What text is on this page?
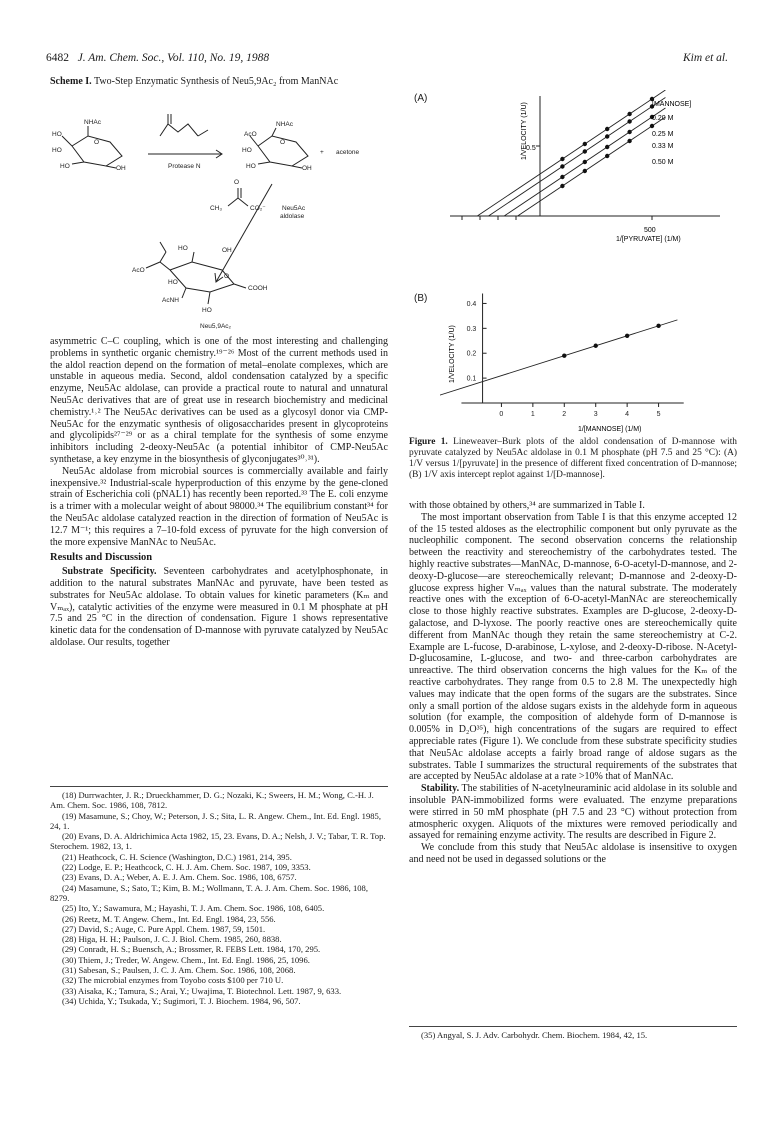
6482 J. Am. Chem. Soc., Vol. 110, No. 19, 1988	Kim et al.
Scheme I. Two-Step Enzymatic Synthesis of Neu5,9Ac₂ from ManNAc
HO
NHAc
O
HO
HO	OH	Protease N
AcO
NHAc
O
HO
HO	OH
+ acetone
O
CH₃	CO₂⁻	Neu5Ac
aldolase
HO	OH
AcO
HO
O
COOH
AcNH
HO
Neu5,9Ac₂

asymmetric C–C coupling, which is one of the most interesting and challenging problems in synthetic organic chemistry.¹⁹⁻²⁶ Most of the current methods used in the aldol reaction depend on the formation of metal–enolate complexes, which are unstable in aqueous media. Second, aldol condensation catalyzed by a specific enzyme, Neu5Ac aldolase, can provide a practical route to natural and unnatural Neu5Ac derivatives that are of great use in research biochemistry and medicinal chemistry.¹˒² The Neu5Ac derivatives can be used as a glycosyl donor via CMP-Neu5Ac for the enzymatic synthesis of oligosaccharides present in glycoproteins and glycolipids²⁷⁻²⁹ or as a chiral template for the synthesis of some enzyme inhibitors including 2-deoxy-Neu5Ac (a potential inhibitor of CMP-Neu5Ac synthetase, a key enzyme in the biosynthesis of glyconjugates³⁰˒³¹).

Neu5Ac aldolase from microbial sources is commercially available and fairly inexpensive.³² Industrial-scale hyperproduction of this enzyme by the gene-cloned strain of Escherichia coli (pNAL1) has recently been reported.³³ The E. coli enzyme is a trimer with a molecular weight of about 98000.³⁴ The equilibrium constant³⁴ for the Neu5Ac aldolase catalyzed reaction in the direction of formation of Neu5Ac is 12.7 M⁻¹; this requires a 7–10-fold excess of pyruvate for the high conversion of the more expensive ManNAc to Neu5Ac.

Results and Discussion

Substrate Specificity. Seventeen carbohydrates and acetylphosphonate, in addition to the natural substrates ManNAc and pyruvate, have been tested as substrates for Neu5Ac aldolase. To obtain values for kinetic parameters (Kₘ and Vₘₐₓ), catalytic activities of the enzyme were measured in 0.1 M phosphate at pH 7.5 and 25 °C in the direction of condensation. Figure 1 shows representative kinetic data for the condensation of D-mannose with pyruvate catalyzed by Neu5Ac aldolase. Our results, together

(18) Durrwachter, J. R.; Drueckhammer, D. G.; Nozaki, K.; Sweers, H. M.; Wong, C.-H. J. Am. Chem. Soc. 1986, 108, 7812.
(19) Masamune, S.; Choy, W.; Peterson, J. S.; Sita, L. R. Angew. Chem., Int. Ed. Engl. 1985, 24, 1.
(20) Evans, D. A. Aldrichimica Acta 1982, 15, 23. Evans, D. A.; Nelsh, J. V.; Tabar, T. R. Top. Sterochem. 1982, 13, 1.
(21) Heathcock, C. H. Science (Washington, D.C.) 1981, 214, 395.
(22) Lodge, E. P.; Heathcock, C. H. J. Am. Chem. Soc. 1987, 109, 3353.
(23) Evans, D. A.; Weber, A. E. J. Am. Chem. Soc. 1986, 108, 6757.
(24) Masamune, S.; Sato, T.; Kim, B. M.; Wollmann, T. A. J. Am. Chem. Soc. 1986, 108, 8279.
(25) Ito, Y.; Sawamura, M.; Hayashi, T. J. Am. Chem. Soc. 1986, 108, 6405.
(26) Reetz, M. T. Angew. Chem., Int. Ed. Engl. 1984, 23, 556.
(27) David, S.; Auge, C. Pure Appl. Chem. 1987, 59, 1501.
(28) Higa, H. H.; Paulson, J. C. J. Biol. Chem. 1985, 260, 8838.
(29) Conradt, H. S.; Buensch, A.; Brossmer, R. FEBS Lett. 1984, 170, 295.
(30) Thiem, J.; Treder, W. Angew. Chem., Int. Ed. Engl. 1986, 25, 1096.
(31) Sabesan, S.; Paulsen, J. C. J. Am. Chem. Soc. 1986, 108, 2068.
(32) The microbial enzymes from Toyobo costs $100 per 710 U.
(33) Aisaka, K.; Tamura, S.; Arai, Y.; Uwajima, T. Biotechnol. Lett. 1987, 9, 633.
(34) Uchida, Y.; Tsukada, Y.; Sugimori, T. J. Biochem. 1984, 96, 507.
(A)
0.5
500
1/[PYRUVATE] (1/M)
1/VELOCITY (1/U)	[MANNOSE]
0.20 M
0.25 M
0.33 M
0.50 M
(B)
0.4
0.3
0.2
0.1
0	1	2	3	4	5
1/[MANNOSE] (1/M)
1/VELOCITY (1/U)
Figure 1. Lineweaver–Burk plots of the aldol condensation of D-mannose with pyruvate catalyzed by Neu5Ac aldolase in 0.1 M phosphate (pH 7.5 and 25 °C): (A) 1/V versus 1/[pyruvate] in the presence of different fixed concentration of D-mannose; (B) 1/V axis intercept replot against 1/[D-mannose].

with those obtained by others,³⁴ are summarized in Table I.

The most important observation from Table I is that this enzyme accepted 12 of the 15 tested aldoses as the electrophilic component but only pyruvate as the nucleophilic component. The second observation concerns the relationship between the reactivity and stereochemistry of the carbohydrates tested. The highly reactive substrates—ManNAc, D-mannose, 6-O-acetyl-D-mannose, and 2-deoxy-D-glucose—are stereochemically relevant; D-mannose and 2-deoxy-D-glucose express higher Vₘₐₓ values than the natural substrate. The moderately reactive ones with the exception of 6-O-acetyl-ManNAc are stereochemically close to those highly reactive substrates. Examples are D-glucose, 2-deoxy-D-galactose, and D-lyxose. The poorly reactive ones are stereochemically quite different from ManNAc though they retain the same stereochemistry at C-2. Example are L-fucose, D-arabinose, L-xylose, and 2-deoxy-D-ribose. N-Acetyl-D-glucosamine, L-glucose, and two- and three-carbon carbohydrates are unreactive. The third observation concerns the high values for the Kₘ of the reactive carbohydrates. They range from 0.5 to 2.8 M. The unexpectedly high values may indicate that the open forms of the sugars are the substrates. Since only a small portion of the aldose sugars exists in the aldehyde form in aqueous solution (for example, the composition of aldehyde form of D-mannose is 0.005% in D₂O³⁵), high concentrations of the sugars are required to effect appreciable rates (Figure 1). We conclude from these substrate specificity studies that Neu5Ac aldolase accepts a fairly broad range of aldose sugars as the substrates. Table I summarizes the structural requirements of the substrates that are accepted by Neu5Ac aldolase at a rate >10% that of ManNAc.

Stability. The stabilities of N-acetylneuraminic acid aldolase in its soluble and insoluble PAN-immobilized forms were evaluated. The enzyme preparations were stirred in 50 mM phosphate (pH 7.5 and 23 °C) without protection from atmospheric oxygen. Aliquots of the mixtures were removed periodically and assayed for remaining enzyme activity. The results are described in Figure 2.

We conclude from this study that Neu5Ac aldolase is insensitive to oxygen and need not be used in degassed solutions or the

(35) Angyal, S. J. Adv. Carbohydr. Chem. Biochem. 1984, 42, 15.
